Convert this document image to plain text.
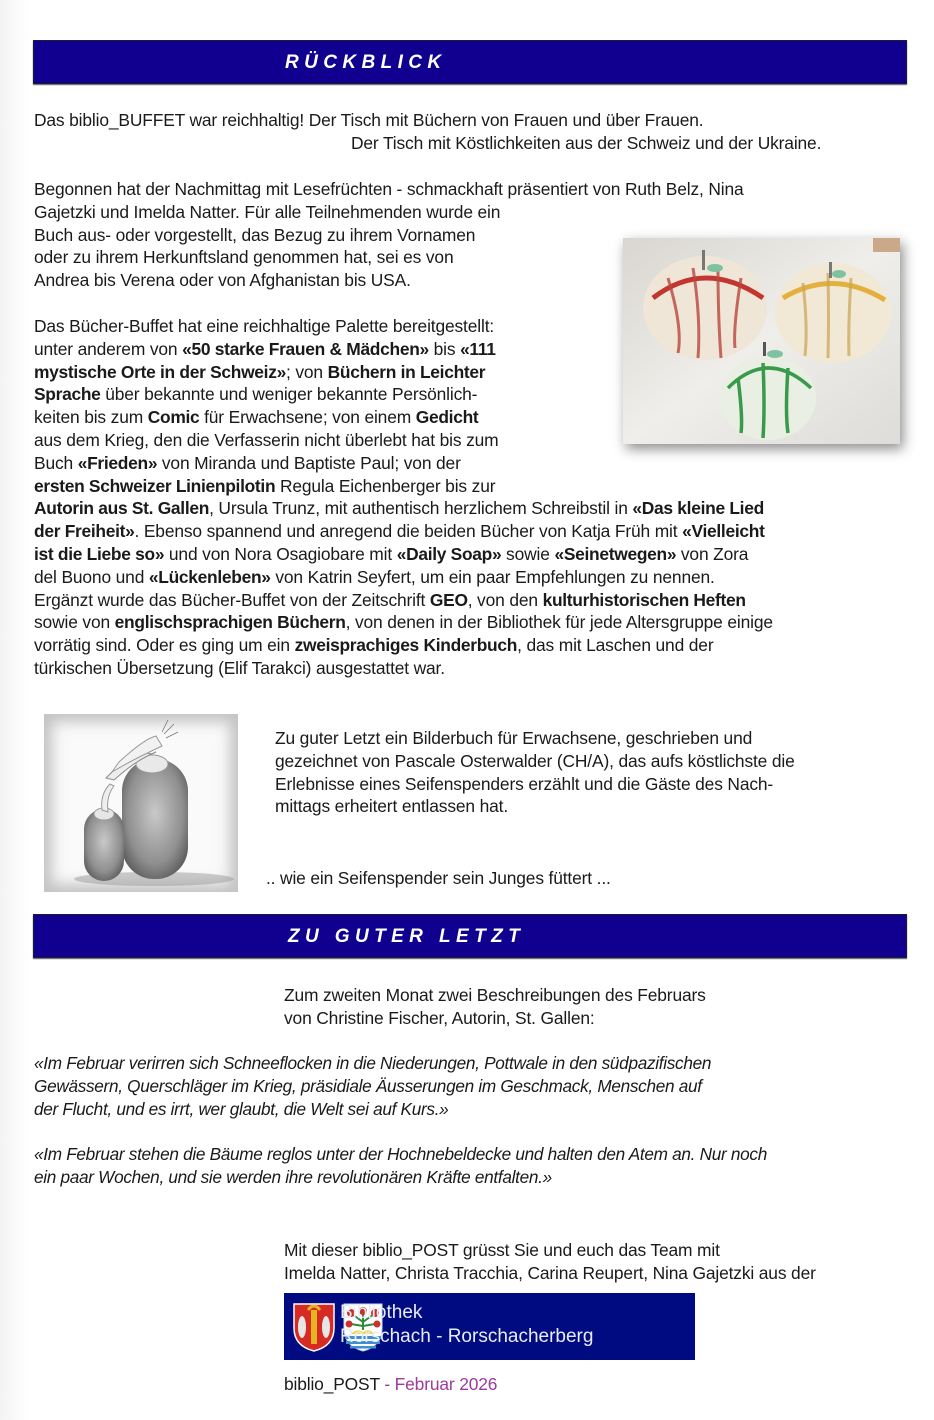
RÜCKBLICK
Das biblio_BUFFET war reichhaltig! Der Tisch mit Büchern von Frauen und über Frauen.
Der Tisch mit Köstlichkeiten aus der Schweiz und der Ukraine.
Begonnen hat der Nachmittag mit Lesefrüchten - schmackhaft präsentiert von Ruth Belz, Nina
Gajetzki und Imelda Natter. Für alle Teilnehmenden wurde ein
Buch aus- oder vorgestellt, das Bezug zu ihrem Vornamen
oder zu ihrem Herkunftsland genommen hat, sei es von
Andrea bis Verena oder von Afghanistan bis USA.
Das Bücher-Buffet hat eine reichhaltige Palette bereitgestellt:
unter anderem von «50 starke Frauen & Mädchen» bis «111
mystische Orte in der Schweiz»; von Büchern in Leichter
Sprache über bekannte und weniger bekannte Persönlich-
keiten bis zum Comic für Erwachsene; von einem Gedicht
aus dem Krieg, den die Verfasserin nicht überlebt hat bis zum
Buch «Frieden» von Miranda und Baptiste Paul; von der
ersten Schweizer Linienpilotin Regula Eichenberger bis zur
Autorin aus St. Gallen, Ursula Trunz, mit authentisch herzlichem Schreibstil in «Das kleine Lied
der Freiheit». Ebenso spannend und anregend die beiden Bücher von Katja Früh mit «Vielleicht
ist die Liebe so» und von Nora Osagiobare mit «Daily Soap» sowie «Seinetwegen» von Zora
del Buono und «Lückenleben» von Katrin Seyfert, um ein paar Empfehlungen zu nennen.
Ergänzt wurde das Bücher-Buffet von der Zeitschrift GEO, von den kulturhistorischen Heften
sowie von englischsprachigen Büchern, von denen in der Bibliothek für jede Altersgruppe einige
vorrätig sind. Oder es ging um ein zweisprachiges Kinderbuch, das mit Laschen und der
türkischen Übersetzung (Elif Tarakci) ausgestattet war.
Zu guter Letzt ein Bilderbuch für Erwachsene, geschrieben und
gezeichnet von Pascale Osterwalder (CH/A), das aufs köstlichste die
Erlebnisse eines Seifenspenders erzählt und die Gäste des Nach-
mittags erheitert entlassen hat.
.. wie ein Seifenspender sein Junges füttert ...
ZU GUTER LETZT
Zum zweiten Monat zwei Beschreibungen des Februars
von Christine Fischer, Autorin, St. Gallen:
«Im Februar verirren sich Schneeflocken in die Niederungen, Pottwale in den südpazifischen
Gewässern, Querschläger im Krieg, präsidiale Äusserungen im Geschmack, Menschen auf
der Flucht, und es irrt, wer glaubt, die Welt sei auf Kurs.»
«Im Februar stehen die Bäume reglos unter der Hochnebeldecke und halten den Atem an. Nur noch
ein paar Wochen, und sie werden ihre revolutionären Kräfte entfalten.»
Mit dieser biblio_POST grüsst Sie und euch das Team mit
Imelda Natter, Christa Tracchia, Carina Reupert, Nina Gajetzki aus der
Bibliothek
Rorschach - Rorschacherberg
biblio_POST - Februar 2026
